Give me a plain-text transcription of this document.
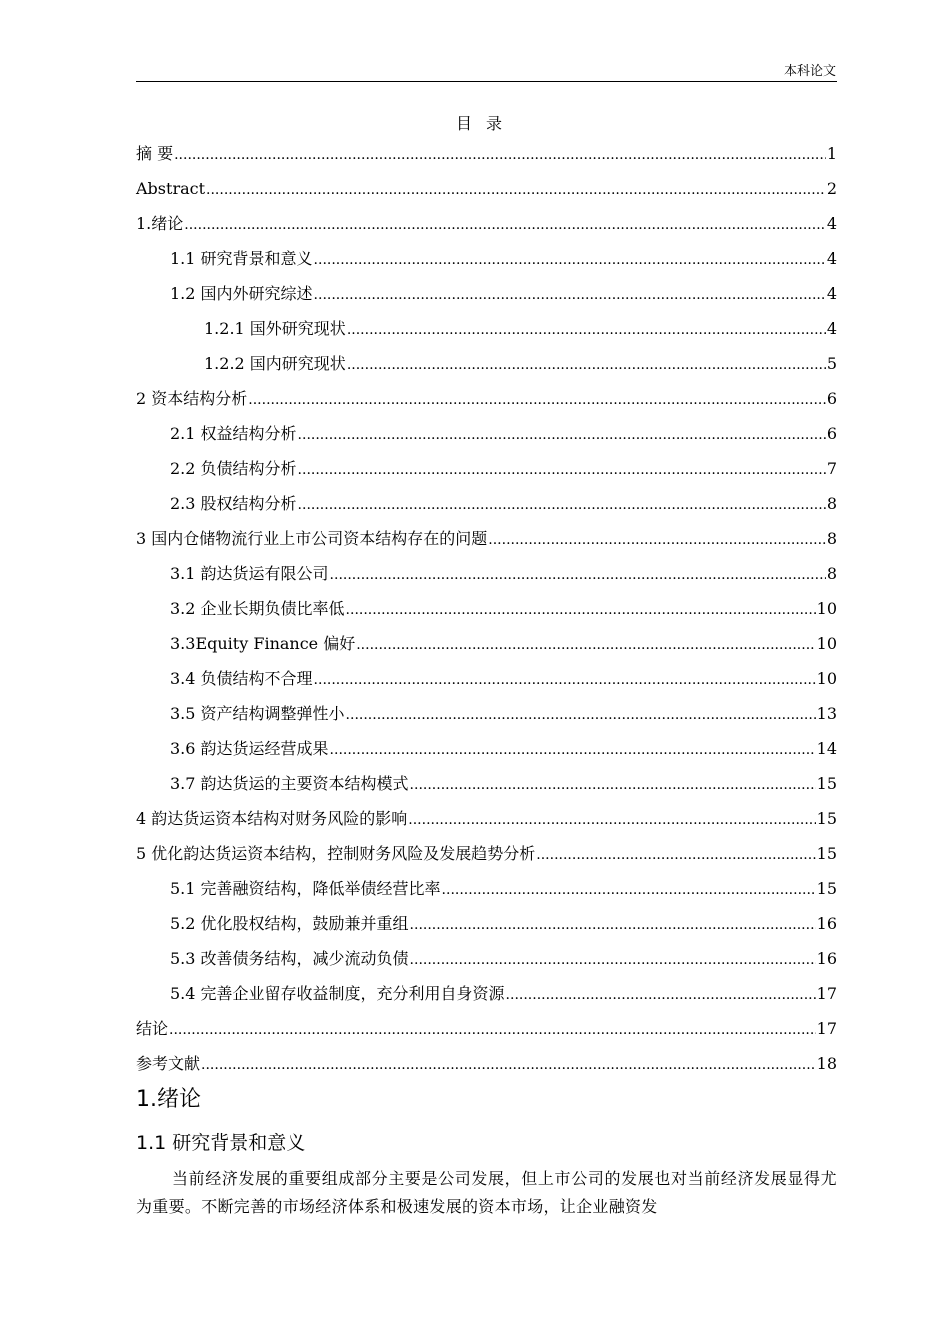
本科论文
目录
摘 要 .....	1
Abstract .....	2
1.绪论 .....	4
1.1 研究背景和意义 .....	4
1.2 国内外研究综述 .....	4
1.2.1 国外研究现状 .....	4
1.2.2 国内研究现状 .....	5
2 资本结构分析 .....	6
2.1 权益结构分析 .....	6
2.2 负债结构分析 .....	7
2.3 股权结构分析 .....	8
3 国内仓储物流行业上市公司资本结构存在的问题 .....	8
3.1 韵达货运有限公司 .....	8
3.2 企业长期负债比率低 .....	10
3.3Equity Finance 偏好 .....	10
3.4 负债结构不合理 .....	10
3.5 资产结构调整弹性小 .....	13
3.6 韵达货运经营成果 .....	14
3.7 韵达货运的主要资本结构模式 .....	15
4 韵达货运资本结构对财务风险的影响 .....	15
5 优化韵达货运资本结构，控制财务风险及发展趋势分析 .....	15
5.1 完善融资结构，降低举债经营比率 .....	15
5.2 优化股权结构，鼓励兼并重组 .....	16
5.3 改善债务结构，减少流动负债 .....	16
5.4 完善企业留存收益制度，充分利用自身资源 .....	17
结论 .....	17
参考文献 .....	18
1.绪论
1.1 研究背景和意义
当前经济发展的重要组成部分主要是公司发展，但上市公司的发展也对当前经济发展显得尤为重要。不断完善的市场经济体系和极速发展的资本市场，让企业融资发
